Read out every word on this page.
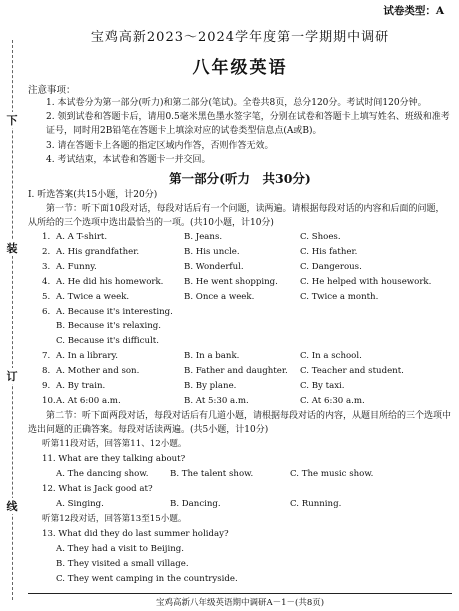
下
装
订
线
试卷类型：A
宝鸡高新2023～2024学年度第一学期期中调研
八年级英语
注意事项：
1. 本试卷分为第一部分(听力)和第二部分(笔试)。全卷共8页，总分120分。考试时间120分钟。
2. 领到试卷和答题卡后，请用0.5毫米黑色墨水签字笔，分别在试卷和答题卡上填写姓名、班级和准考证号，同时用2B铅笔在答题卡上填涂对应的试卷类型信息点(A或B)。
3. 请在答题卡上各题的指定区域内作答，否则作答无效。
4. 考试结束，本试卷和答题卡一并交回。
第一部分(听力　共30分)
Ⅰ. 听选答案(共15小题，计20分)
第一节：听下面10段对话，每段对话后有一个问题，读两遍。请根据每段对话的内容和后面的问题，从所给的三个选项中选出最恰当的一项。(共10小题，计10分)
1. A. A T-shirt.	B. Jeans.	C. Shoes.
2. A. His grandfather.	B. His uncle.	C. His father.
3. A. Funny.	B. Wonderful.	C. Dangerous.
4. A. He did his homework.	B. He went shopping.	C. He helped with housework.
5. A. Twice a week.	B. Once a week.	C. Twice a month.
6. A. Because it's interesting.
B. Because it's relaxing.
C. Because it's difficult.
7. A. In a library.	B. In a bank.	C. In a school.
8. A. Mother and son.	B. Father and daughter.	C. Teacher and student.
9. A. By train.	B. By plane.	C. By taxi.
10. A. At 6:00 a.m.	B. At 5:30 a.m.	C. At 6:30 a.m.
第二节：听下面两段对话，每段对话后有几道小题，请根据每段对话的内容，从题目所给的三个选项中选出问题的正确答案。每段对话读两遍。(共5小题，计10分)
听第11段对话，回答第11、12小题。
11. What are they talking about?
A. The dancing show.	B. The talent show.	C. The music show.
12. What is Jack good at?
A. Singing.	B. Dancing.	C. Running.
听第12段对话，回答第13至15小题。
13. What did they do last summer holiday?
A. They had a visit to Beijing.
B. They visited a small village.
C. They went camping in the countryside.
宝鸡高新八年级英语期中调研A－1－(共8页)
